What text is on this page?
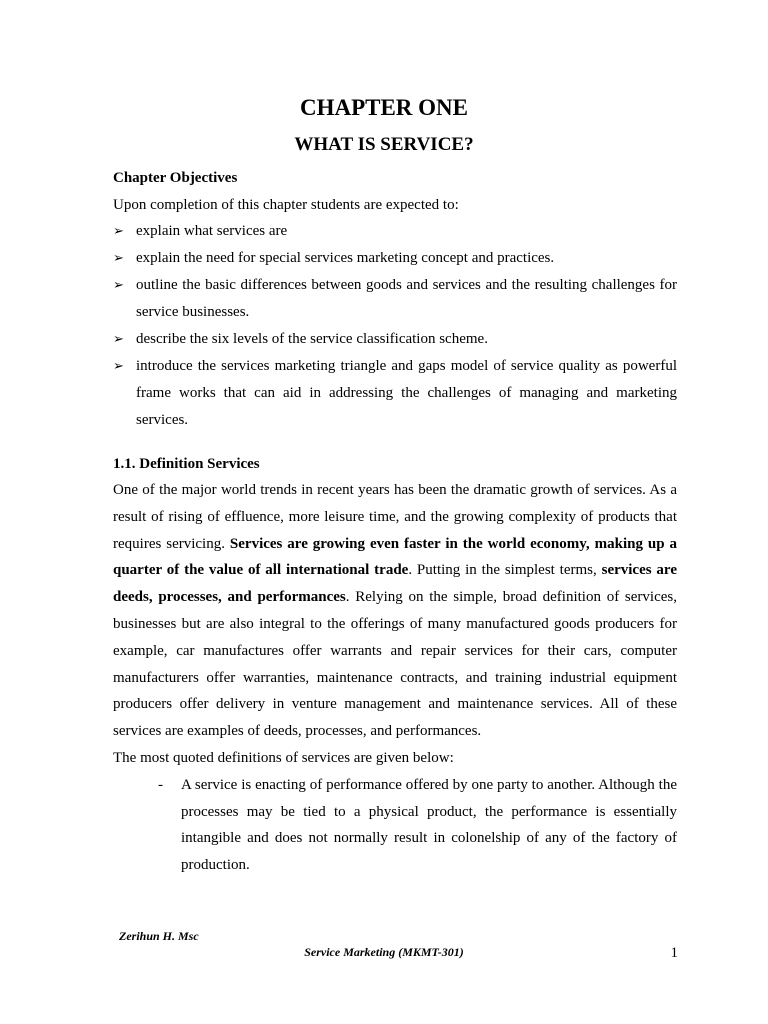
CHAPTER ONE
WHAT IS SERVICE?
Chapter Objectives
Upon completion of this chapter students are expected to:
➢ explain what services are
➢ explain the need for special services marketing concept and practices.
➢ outline the basic differences between goods and services and the resulting challenges for service businesses.
➢ describe the six levels of the service classification scheme.
➢ introduce the services marketing triangle and gaps model of service quality as powerful frame works that can aid in addressing the challenges of managing and marketing services.
1.1. Definition Services

One of the major world trends in recent years has been the dramatic growth of services. As a result of rising of effluence, more leisure time, and the growing complexity of products that requires servicing. Services are growing even faster in the world economy, making up a quarter of the value of all international trade. Putting in the simplest terms, services are deeds, processes, and performances. Relying on the simple, broad definition of services, businesses but are also integral to the offerings of many manufactured goods producers for example, car manufactures offer warrants and repair services for their cars, computer manufacturers offer warranties, maintenance contracts, and training industrial equipment producers offer delivery in venture management and maintenance services. All of these services are examples of deeds, processes, and performances.

The most quoted definitions of services are given below:

- A service is enacting of performance offered by one party to another. Although the processes may be tied to a physical product, the performance is essentially intangible and does not normally result in colonelship of any of the factory of production.
Zerihun H. Msc
Service Marketing (MKMT-301)	1
